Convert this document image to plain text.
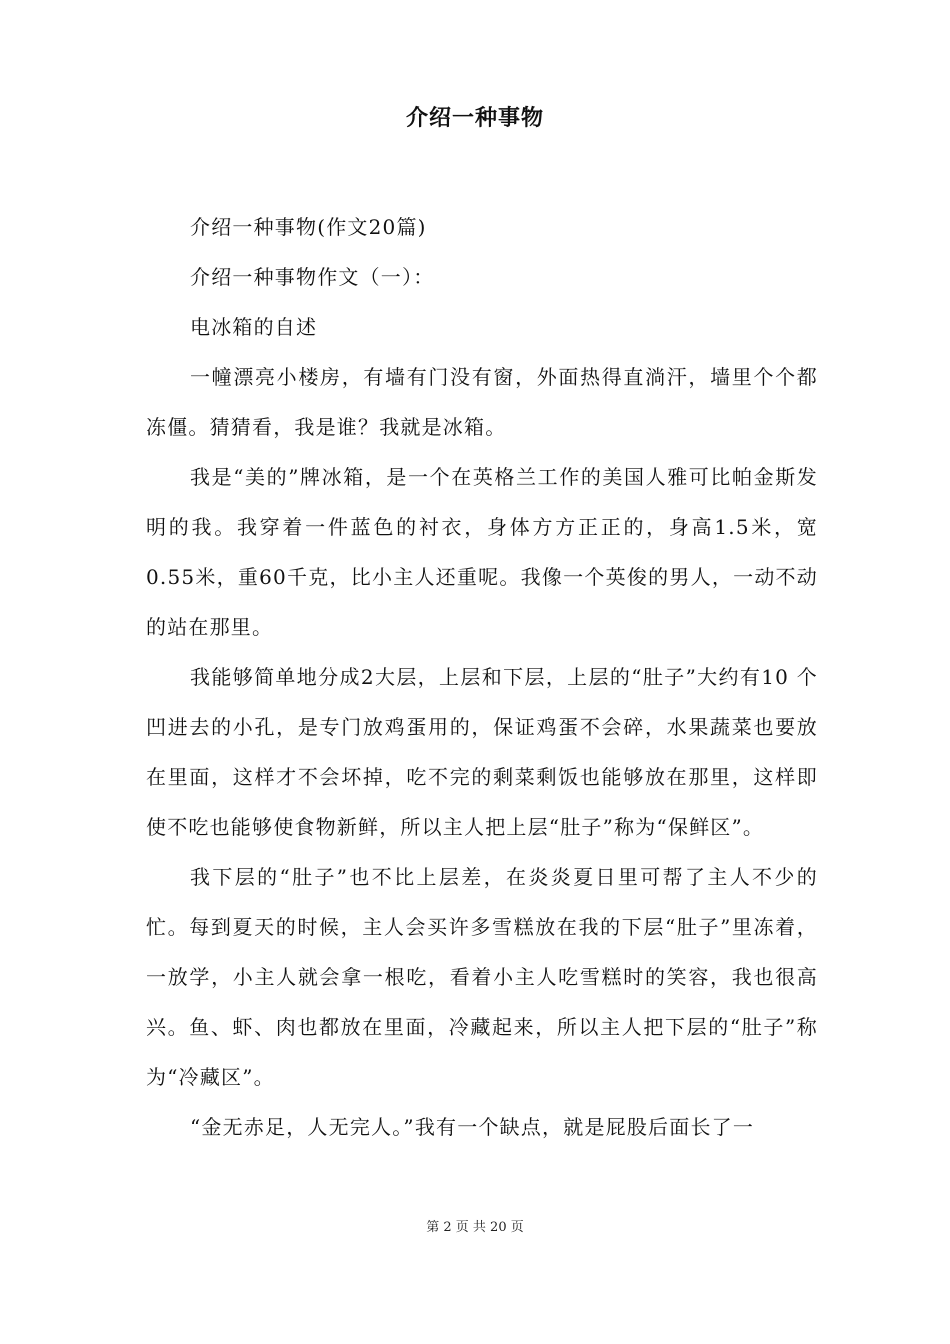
介绍一种事物

介绍一种事物(作文20篇)

介绍一种事物作文（一）：

电冰箱的自述

一幢漂亮小楼房，有墙有门没有窗，外面热得直淌汗，墙里个个都冻僵。猜猜看，我是谁？我就是冰箱。

我是“美的”牌冰箱，是一个在英格兰工作的美国人雅可比帕金斯发明的我。我穿着一件蓝色的衬衣，身体方方正正的，身高1.5米，宽0.55米，重60千克，比小主人还重呢。我像一个英俊的男人，一动不动的站在那里。

我能够简单地分成2大层，上层和下层，上层的“肚子”大约有10 个凹进去的小孔，是专门放鸡蛋用的，保证鸡蛋不会碎，水果蔬菜也要放在里面，这样才不会坏掉，吃不完的剩菜剩饭也能够放在那里，这样即使不吃也能够使食物新鲜，所以主人把上层“肚子”称为“保鲜区”。

我下层的“肚子”也不比上层差，在炎炎夏日里可帮了主人不少的忙。每到夏天的时候，主人会买许多雪糕放在我的下层“肚子”里冻着，一放学，小主人就会拿一根吃，看着小主人吃雪糕时的笑容，我也很高兴。鱼、虾、肉也都放在里面，冷藏起来，所以主人把下层的“肚子”称为“冷藏区”。

“金无赤足，人无完人。”我有一个缺点，就是屁股后面长了一

第 2 页 共 20 页
